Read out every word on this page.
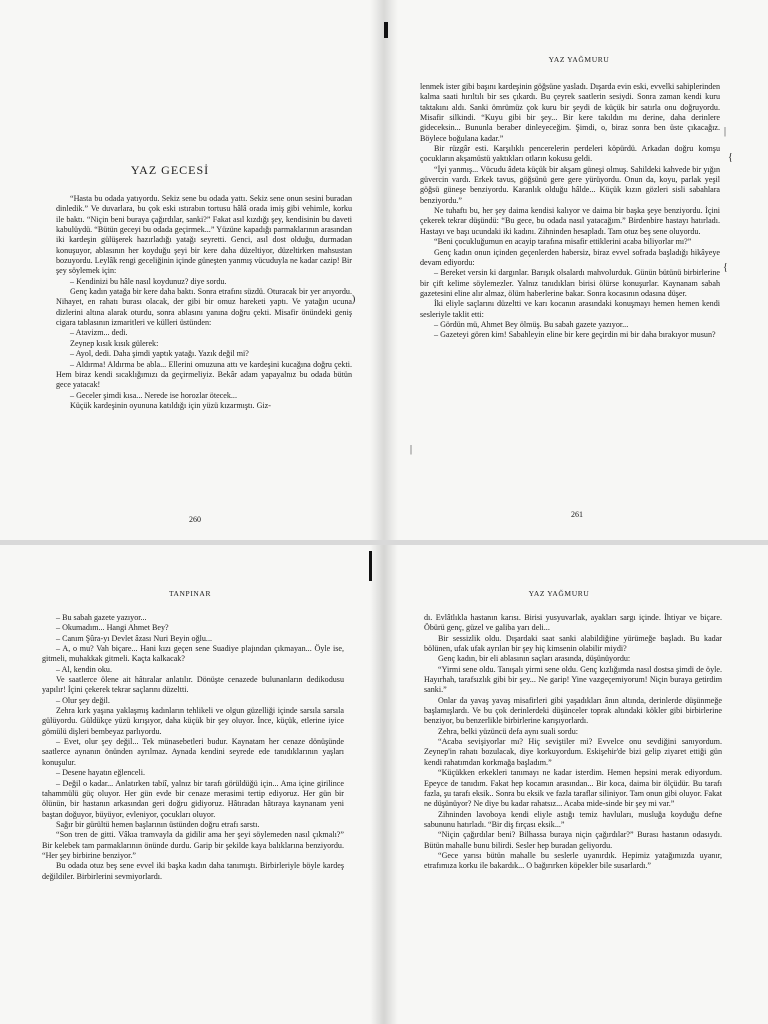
YAZ GECESİ

“Hasta bu odada yatıyordu. Sekiz sene bu odada yattı. Sekiz sene onun sesini buradan dinledik.” Ve duvarlara, bu çok eski ıstırabın tortusu hâlâ orada imiş gibi vehimle, korku ile baktı. “Niçin beni buraya çağırdılar, sanki?” Fakat asıl kızdığı şey, kendisinin bu daveti kabulüydü. “Bütün geceyi bu odada geçirmek...” Yüzüne kapadığı parmaklarının arasından iki kardeşin gülüşerek hazırladığı yatağı seyretti. Genci, asıl dost olduğu, durmadan konuşuyor, ablasının her koyduğu şeyi bir kere daha düzeltiyor, düzeltirken mahsustan bozuyordu. Leylâk rengi geceliğinin içinde güneşten yanmış vücuduyla ne kadar cazip! Bir şey söylemek için:

– Kendinizi bu hâle nasıl koydunuz? diye sordu.

Genç kadın yatağa bir kere daha baktı. Sonra etrafını süzdü. Oturacak bir yer arıyordu. Nihayet, en rahatı burası olacak, der gibi bir omuz hareketi yaptı. Ve yatağın ucuna dizlerini altına alarak oturdu, sonra ablasını yanına doğru çekti. Misafir önündeki geniş cigara tablasının izmaritleri ve külleri üstünden:

– Atavizm... dedi.

Zeynep kısık kısık gülerek:

– Ayol, dedi. Daha şimdi yaptık yatağı. Yazık değil mi?

– Aldırma! Aldırma be abla... Ellerini omuzuna attı ve kardeşini kucağına doğru çekti. Hem biraz kendi sıcaklığımızı da geçirmeliyiz. Bekâr adam yapayalnız bu odada bütün gece yatacak!

– Geceler şimdi kısa... Nerede ise horozlar ötecek...

Küçük kardeşinin oyununa katıldığı için yüzü kızarmıştı. Giz-

)
260
YAZ YAĞMURU

lenmek ister gibi başını kardeşinin göğsüne yasladı. Dışarda evin eski, evvelki sahiplerinden kalma saati hırıltılı bir ses çıkardı. Bu çeyrek saatlerin sesiydi. Sonra zaman kendi kuru taktakını aldı. Sanki ömrümüz çok kuru bir şeydi de küçük bir satırla onu doğruyordu. Misafir silkindi. “Kuyu gibi bir şey... Bir kere takıldın mı derine, daha derinlere gideceksin... Bununla beraber dinleyeceğim. Şimdi, o, biraz sonra ben üste çıkacağız. Böylece boğulana kadar.”

Bir rüzgâr esti. Karşılıklı pencerelerin perdeleri köpürdü. Arkadan doğru komşu çocukların akşamüstü yaktıkları otların kokusu geldi.

“İyi yanmış... Vücudu âdeta küçük bir akşam güneşi olmuş. Sahildeki kahvede bir yığın güvercin vardı. Erkek tavus, göğsünü gere gere yürüyordu. Onun da, koyu, parlak yeşil göğsü güneşe benziyordu. Karanlık olduğu hâlde... Küçük kızın gözleri sisli sabahlara benziyordu.”

Ne tuhaftı bu, her şey daima kendisi kalıyor ve daima bir başka şeye benziyordu. İçini çekerek tekrar düşündü: “Bu gece, bu odada nasıl yatacağım.” Birdenbire hastayı hatırladı. Hastayı ve başı ucundaki iki kadını. Zihninden hesapladı. Tam otuz beş sene oluyordu.

“Beni çocukluğumun en acayip tarafına misafir ettiklerini acaba biliyorlar mı?”

Genç kadın onun içinden geçenlerden habersiz, biraz evvel sofrada başladığı hikâyeye devam ediyordu:

– Bereket versin ki dargınlar. Barışık olsalardı mahvolurduk. Günün bütünü birbirlerine bir çift kelime söylemezler. Yalnız tanıdıkları birisi ölürse konuşurlar. Kaynanam sabah gazetesini eline alır almaz, ölüm haberlerine bakar. Sonra kocasının odasına düşer.

İki eliyle saçlarını düzeltti ve karı kocanın arasındaki konuşmayı hemen hemen kendi sesleriyle taklit etti:

– Gördün mü, Ahmet Bey ölmüş. Bu sabah gazete yazıyor...

– Gazeteyi gören kim! Sabahleyin eline bir kere geçirdin mi bir daha bırakıyor musun?

|
{
{
|
261
TANPINAR

– Bu sabah gazete yazıyor...

– Okumadım... Hangi Ahmet Bey?

– Canım Şûra-yı Devlet âzası Nuri Beyin oğlu...

– A, o mu? Vah biçare... Hani kızı geçen sene Suadiye plajından çıkmayan... Öyle ise, gitmeli, muhakkak gitmeli. Kaçta kalkacak?

– Al, kendin oku.

Ve saatlerce ölene ait hâtıralar anlatılır. Dönüşte cenazede bulunanların dedikodusu yapılır! İçini çekerek tekrar saçlarını düzeltti.

– Olur şey değil.

Zehra kırk yaşına yaklaşmış kadınların tehlikeli ve olgun güzelliği içinde sarsıla sarsıla gülüyordu. Güldükçe yüzü kırışıyor, daha küçük bir şey oluyor. İnce, küçük, etlerine iyice gömülü dişleri bembeyaz parlıyordu.

– Evet, olur şey değil... Tek münasebetleri budur. Kaynatam her cenaze dönüşünde saatlerce aynanın önünden ayrılmaz. Aynada kendini seyrede ede tanıdıklarının yaşları konuşulur.

– Desene hayatın eğlenceli.

– Değil o kadar... Anlatırken tabiî, yalnız bir tarafı görüldüğü için... Ama içine girilince tahammülü güç oluyor. Her gün evde bir cenaze merasimi tertip ediyoruz. Her gün bir ölünün, bir hastanın arkasından geri doğru gidiyoruz. Hâtıradan hâtıraya kaynanam yeni baştan doğuyor, büyüyor, evleniyor, çocukları oluyor.

Sağır bir gürültü hemen başlarının üstünden doğru etrafı sarstı.

“Son tren de gitti. Vâkıa tramvayla da gidilir ama her şeyi söylemeden nasıl çıkmalı?” Bir kelebek tam parmaklarının önünde durdu. Garip bir şekilde kaya balıklarına benziyordu. “Her şey birbirine benziyor.”

Bu odada otuz beş sene evvel iki başka kadın daha tanımıştı. Birbirleriyle böyle kardeş değildiler. Birbirlerini sevmiyorlardı.

YAZ YAĞMURU

dı. Evlâtlıkla hastanın karısı. Birisi yusyuvarlak, ayakları sargı içinde. İhtiyar ve biçare. Öbürü genç, güzel ve galiba yarı deli...

Bir sessizlik oldu. Dışardaki saat sanki alabildiğine yürümeğe başladı. Bu kadar bölünen, ufak ufak ayrılan bir şey hiç kimsenin olabilir miydi?

Genç kadın, bir eli ablasının saçları arasında, düşünüyordu:

“Yirmi sene oldu. Tanışalı yirmi sene oldu. Genç kızlığımda nasıl dostsa şimdi de öyle. Hayırhah, tarafsızlık gibi bir şey... Ne garip! Yine vazgeçemiyorum! Niçin buraya getirdim sanki.”

Onlar da yavaş yavaş misafirleri gibi yaşadıkları ânın altında, derinlerde düşünmeğe başlamışlardı. Ve bu çok derinlerdeki düşünceler toprak altındaki kökler gibi birbirlerine benziyor, bu benzerlikle birbirlerine karışıyorlardı.

Zehra, belki yüzüncü defa aynı suali sordu:

“Acaba sevişiyorlar mı? Hiç seviştiler mi? Evvelce onu sevdiğini sanıyordum. Zeynep'in rahatı bozulacak, diye korkuyordum. Eskişehir'de bizi gelip ziyaret ettiği gün kendi rahatımdan korkmağa başladım.”

“Küçükken erkekleri tanımayı ne kadar isterdim. Hemen hepsini merak ediyordum. Epeyce de tanıdım. Fakat hep kocamın arasından... Bir koca, daima bir ölçüdür. Bu tarafı fazla, şu tarafı eksik.. Sonra bu eksik ve fazla taraflar siliniyor. Tam onun gibi oluyor. Fakat ne düşünüyor? Ne diye bu kadar rahatsız... Acaba mide-sinde bir şey mi var.”

Zihninden lavoboya kendi eliyle astığı temiz havluları, musluğa koyduğu defne sabununu hatırladı. “Bir diş fırçası eksik...”

“Niçin çağırdılar beni? Bilhassa buraya niçin çağırdılar?” Burası hastanın odasıydı. Bütün mahalle bunu bilirdi. Sesler hep buradan geliyordu.

“Gece yarısı bütün mahalle bu seslerle uyanırdık. Hepimiz yatağımızda uyanır, etrafımıza korku ile bakardık... O bağırırken köpekler bile susarlardı.”
